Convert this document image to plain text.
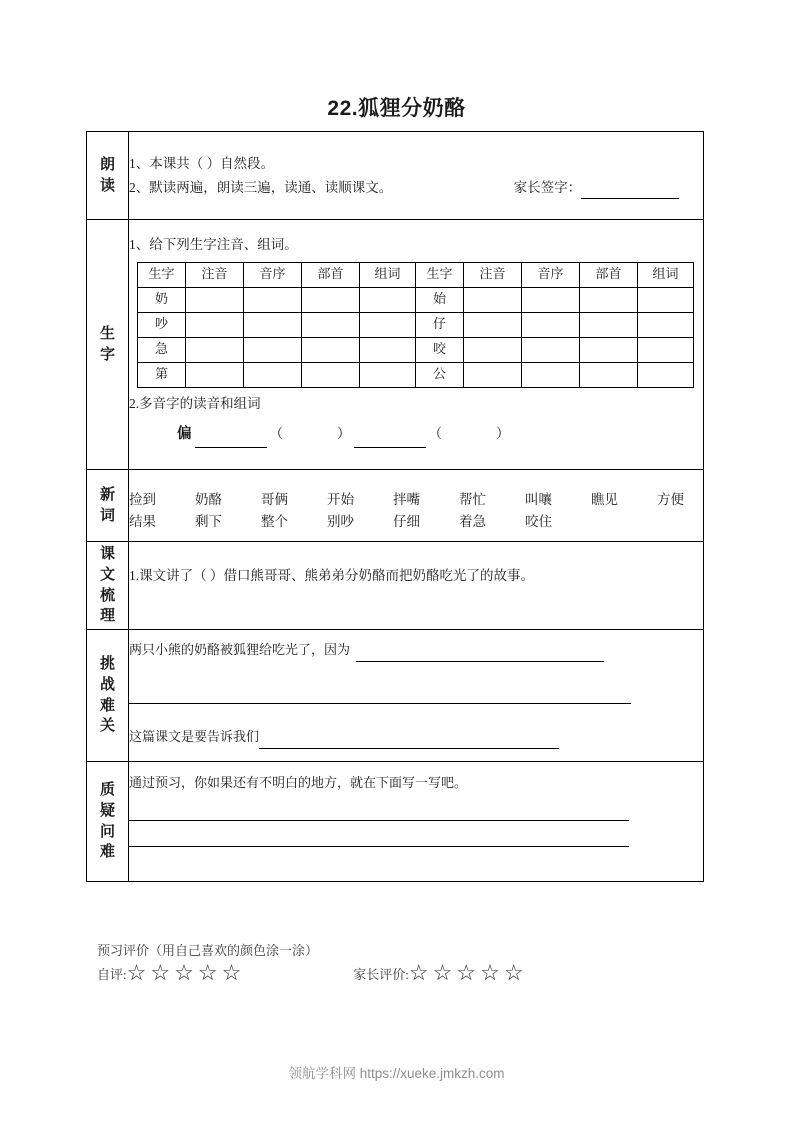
22.狐狸分奶酪
朗
读

1、本课共（ ）自然段。
2、默读两遍，朗读三遍，读通、读顺课文。	家长签字：

生
字

1、给下列生字注音、组词。
生字	注音	音序	部首	组词	生字	注音	音序	部首	组词
奶					始				
吵					仔				
急					咬				
第					公				
2.多音字的读音和组词
偏	（	）	（	）

新
词

捡到	奶酪	哥俩	开始	拌嘴	帮忙	叫嚷	瞧见	方便
结果	剩下	整个	别吵	仔细	着急	咬住

课
文
梳
理

1.课文讲了（ ）借口熊哥哥、熊弟弟分奶酪而把奶酪吃光了的故事。

挑
战
难
关

两只小熊的奶酪被狐狸给吃光了，因为
这篇课文是要告诉我们

质
疑
问
难

通过预习，你如果还有不明白的地方，就在下面写一写吧。
预习评价（用自己喜欢的颜色涂一涂）
自评: ☆ ☆ ☆ ☆ ☆	家长评价: ☆ ☆ ☆ ☆ ☆
领航学科网 https://xueke.jmkzh.com
